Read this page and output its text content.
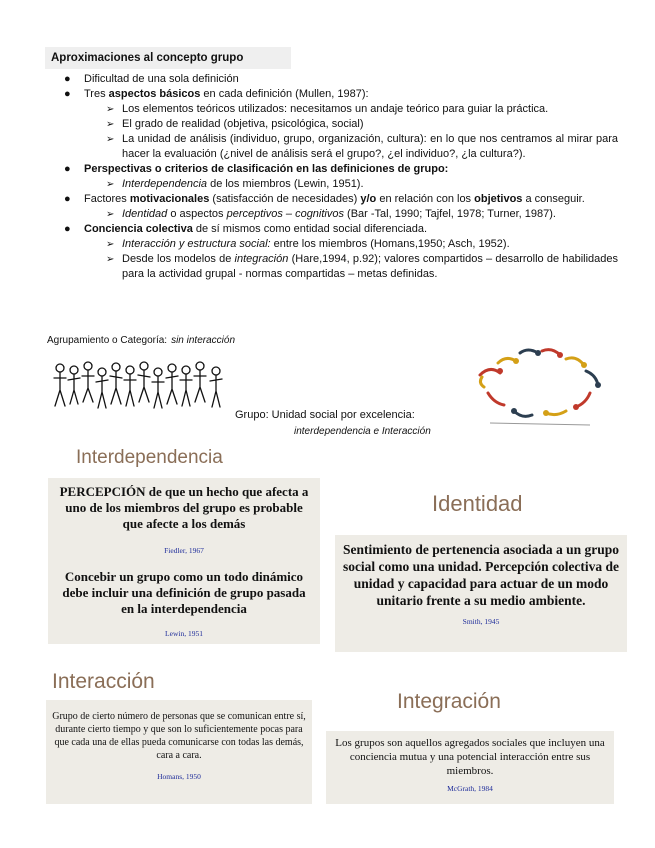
Aproximaciones al concepto grupo

● Dificultad de una sola definición

● Tres aspectos básicos en cada definición (Mullen, 1987):

➢ Los elementos teóricos utilizados: necesitamos un andaje teórico para guiar la práctica.

➢ El grado de realidad (objetiva, psicológica, social)

➢ La unidad de análisis (individuo, grupo, organización, cultura): en lo que nos centramos al mirar para hacer la evaluación (¿nivel de análisis será el grupo?, ¿el individuo?, ¿la cultura?).

● Perspectivas o criterios de clasificación en las definiciones de grupo:

➢ Interdependencia de los miembros (Lewin, 1951).

● Factores motivacionales (satisfacción de necesidades) y/o en relación con los objetivos a conseguir.

➢ Identidad o aspectos perceptivos – cognitivos (Bar -Tal, 1990; Tajfel, 1978; Turner, 1987).

● Conciencia colectiva de sí mismos como entidad social diferenciada.

➢ Interacción y estructura social: entre los miembros (Homans,1950; Asch, 1952).

➢ Desde los modelos de integración (Hare,1994, p.92); valores compartidos – desarrollo de habilidades para la actividad grupal - normas compartidas – metas definidas.

Agrupamiento o Categoría: sin interacción
Grupo: Unidad social por excelencia:
interdependencia e Interacción
Interdependencia
PERCEPCIÓN de que un hecho que afecta a uno de los miembros del grupo es probable que afecte a los demás
Fiedler, 1967
Concebir un grupo como un todo dinámico debe incluir una definición de grupo pasada en la interdependencia
Lewin, 1951
Identidad
Sentimiento de pertenencia asociada a un grupo social como una unidad. Percepción colectiva de unidad y capacidad para actuar de un modo unitario frente a su medio ambiente.
Smith, 1945
Interacción
Grupo de cierto número de personas que se comunican entre sí, durante cierto tiempo y que son lo suficientemente pocas para que cada una de ellas pueda comunicarse con todas las demás, cara a cara.
Homans, 1950
Integración
Los grupos son aquellos agregados sociales que incluyen una conciencia mutua y una potencial interacción entre sus miembros.
McGrath, 1984
